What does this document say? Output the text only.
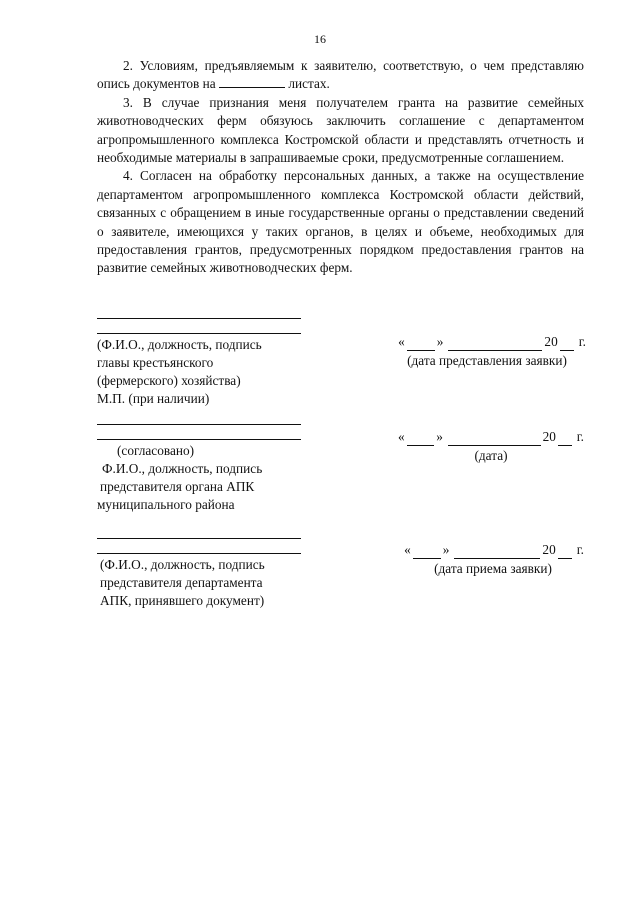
16

2. Условиям, предъявляемым к заявителю, соответствую, о чем представляю опись документов на	листах.

3. В случае признания меня получателем гранта на развитие семейных животноводческих ферм обязуюсь заключить соглашение с департаментом агропромышленного комплекса Костромской области и представлять отчетность и необходимые материалы в запрашиваемые сроки, предусмотренные соглашением.

4. Согласен на обработку персональных данных, а также на осуществление департаментом агропромышленного комплекса Костромской области действий, связанных с обращением в иные государственные органы о представлении сведений о заявителе, имеющихся у таких органов, в целях и объеме, необходимых для предоставления грантов, предусмотренных порядком предоставления грантов на развитие семейных животноводческих ферм.

(Ф.И.О., должность, подпись

главы крестьянского

(фермерского) хозяйства)

М.П. (при наличии)

« »	20 г.
(дата представления заявки)

(согласовано)

Ф.И.О., должность, подпись

представителя органа АПК

муниципального района

« »	20 г.
(дата)

(Ф.И.О., должность, подпись

представителя департамента

АПК, принявшего документ)

« »	20 г.
(дата приема заявки)
